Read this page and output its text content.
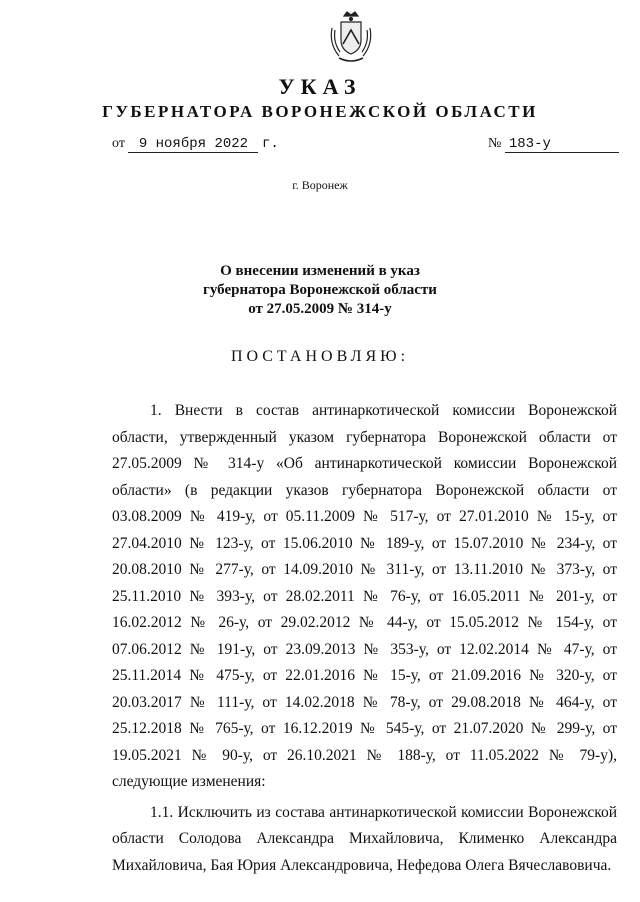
УКАЗ
ГУБЕРНАТОРА ВОРОНЕЖСКОЙ ОБЛАСТИ
от 9 ноября 2022 г.	№ 183-у
г. Воронеж
О внесении изменений в указ
губернатора Воронежской области
от 27.05.2009 № 314-у
ПОСТАНОВЛЯЮ:

1. Внести в состав антинаркотической комиссии Воронежской области, утвержденный указом губернатора Воронежской области от 27.05.2009 № 314-у «Об антинаркотической комиссии Воронежской области» (в редакции указов губернатора Воронежской области от 03.08.2009 № 419-у, от 05.11.2009 № 517-у, от 27.01.2010 № 15-у, от 27.04.2010 № 123-у, от 15.06.2010 № 189-у, от 15.07.2010 № 234-у, от 20.08.2010 № 277-у, от 14.09.2010 № 311-у, от 13.11.2010 № 373-у, от 25.11.2010 № 393-у, от 28.02.2011 № 76-у, от 16.05.2011 № 201-у, от 16.02.2012 № 26-у, от 29.02.2012 № 44-у, от 15.05.2012 № 154-у, от 07.06.2012 № 191-у, от 23.09.2013 № 353-у, от 12.02.2014 № 47-у, от 25.11.2014 № 475-у, от 22.01.2016 № 15-у, от 21.09.2016 № 320-у, от 20.03.2017 № 111-у, от 14.02.2018 № 78-у, от 29.08.2018 № 464-у, от 25.12.2018 № 765-у, от 16.12.2019 № 545-у, от 21.07.2020 № 299-у, от 19.05.2021 № 90-у, от 26.10.2021 № 188-у, от 11.05.2022 № 79-у), следующие изменения:

1.1. Исключить из состава антинаркотической комиссии Воронежской области Солодова Александра Михайловича, Клименко Александра Михайловича, Бая Юрия Александровича, Нефедова Олега Вячеславовича.
